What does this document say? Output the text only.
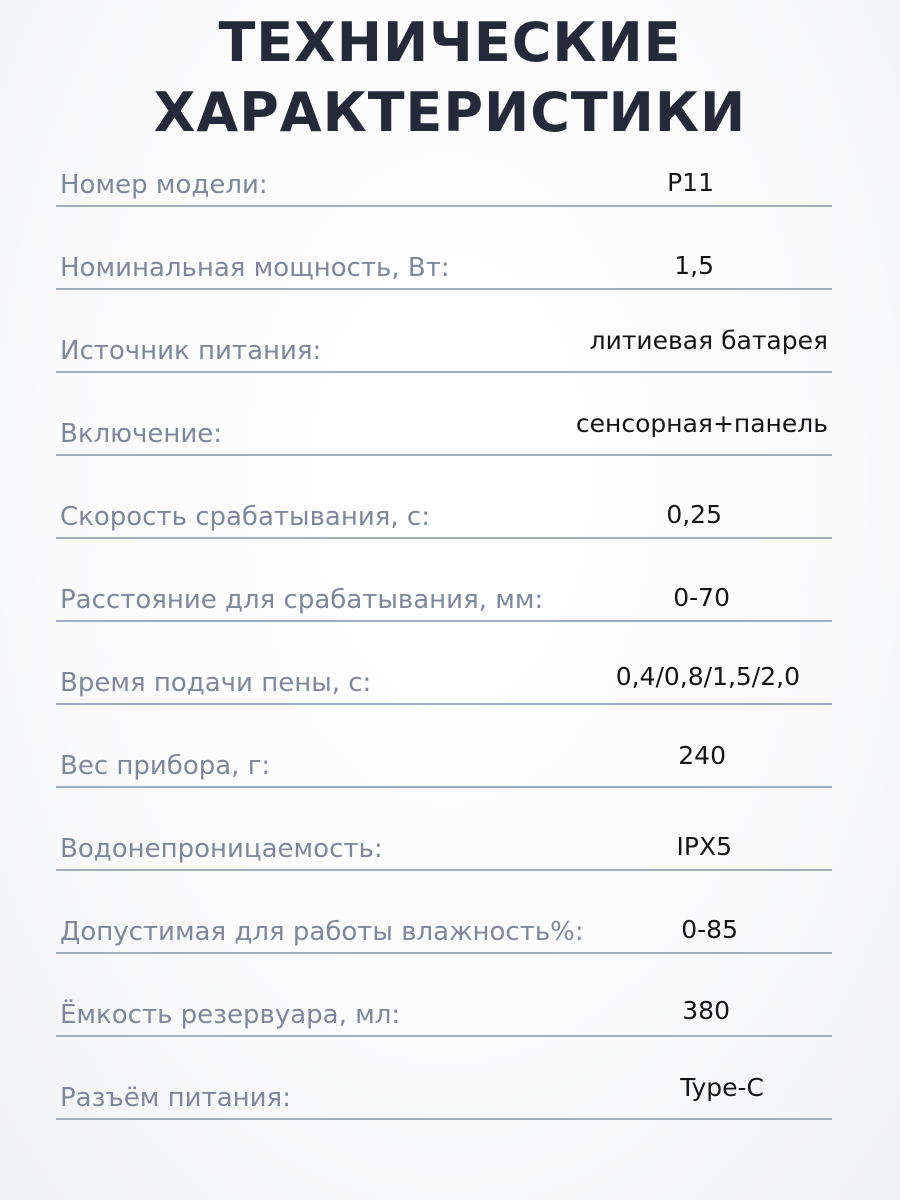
ТЕХНИЧЕСКИЕ
ХАРАКТЕРИСТИКИ
Номер модели:	P11
Номинальная мощность, Вт:	1,5
Источник питания:	литиевая батарея
Включение:	сенсорная+панель
Скорость срабатывания, с:	0,25
Расстояние для срабатывания, мм:	0-70
Время подачи пены, с:	0,4/0,8/1,5/2,0
Вес прибора, г:	240
Водонепроницаемость:	IPX5
Допустимая для работы влажность%:	0-85
Ёмкость резервуара, мл:	380
Разъём питания:	Type-C
